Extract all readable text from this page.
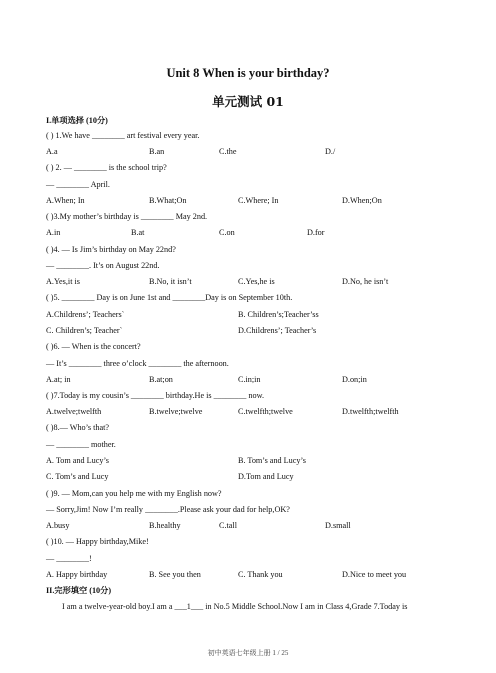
Unit 8 When is your birthday?
单元测试 01
I.单项选择 (10分)
( ) 1.We have ________ art festival every year.
A.a	B.an	C.the	D./
( ) 2. — ________ is the school trip?
— ________ April.
A.When; In	B.What;On	C.Where; In	D.When;On
( )3.My mother’s birthday is ________ May 2nd.
A.in	B.at	C.on	D.for
( )4. — Is Jim’s birthday on May 22nd?
— ________. It’s on August 22nd.
A.Yes,it is	B.No, it isn’t	C.Yes,he is	D.No, he isn’t
( )5. ________ Day is on June 1st and ________Day is on September 10th.
A.Childrens’; Teachers`	B. Children’s;Teacher’ss
C. Children’s; Teacher`	D.Childrens’; Teacher’s
( )6. — When is the concert?
— It’s ________ three o’clock ________ the afternoon.
A.at; in	B.at;on	C.in;in	D.on;in
( )7.Today is my cousin’s ________ birthday.He is ________ now.
A.twelve;twelfth	B.twelve;twelve	C.twelfth;twelve	D.twelfth;twelfth
( )8.— Who’s that?
— ________ mother.
A. Tom and Lucy’s	B. Tom’s and Lucy’s
C. Tom’s and Lucy	D.Tom and Lucy
( )9. — Mom,can you help me with my English now?
— Sorry,Jim! Now I’m really ________.Please ask your dad for help,OK?
A.busy	B.healthy	C.tall	D.small
( )10. — Happy birthday,Mike!
— ________!
A. Happy birthday	B. See you then	C. Thank you	D.Nice to meet you
II.完形填空 (10分)
I am a twelve-year-old boy.I am a ___1___ in No.5 Middle School.Now I am in Class 4,Grade 7.Today is
初中英语七年级上册 1 / 25
